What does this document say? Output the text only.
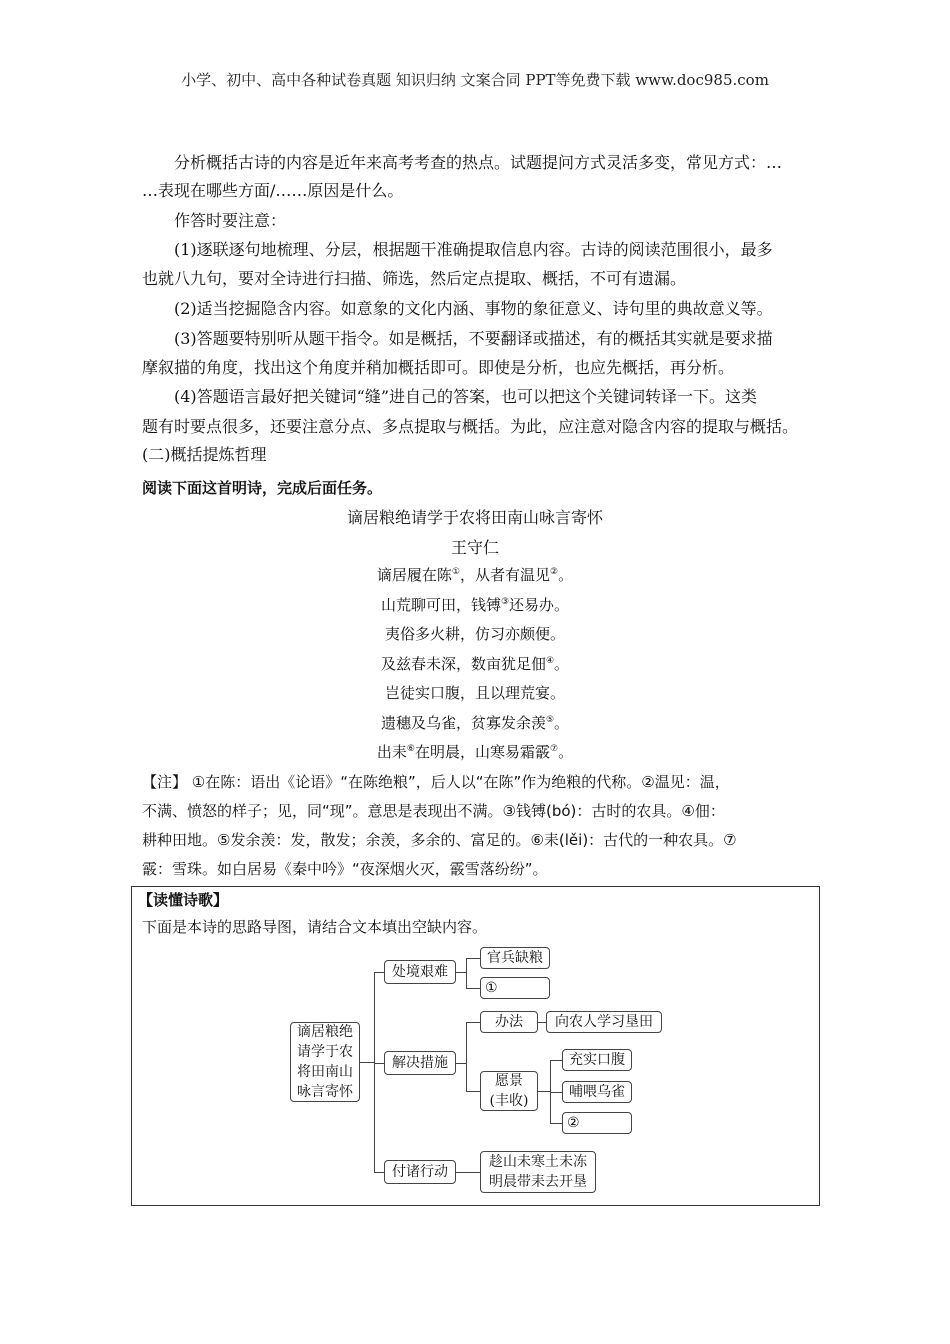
小学、初中、高中各种试卷真题 知识归纳 文案合同 PPT等免费下载 www.doc985.com
分析概括古诗的内容是近年来高考考查的热点。试题提问方式灵活多变，常见方式：…
…表现在哪些方面/……原因是什么。
作答时要注意：
(1)逐联逐句地梳理、分层，根据题干准确提取信息内容。古诗的阅读范围很小，最多
也就八九句，要对全诗进行扫描、筛选，然后定点提取、概括，不可有遗漏。
(2)适当挖掘隐含内容。如意象的文化内涵、事物的象征意义、诗句里的典故意义等。
(3)答题要特别听从题干指令。如是概括，不要翻译或描述，有的概括其实就是要求描
摩叙描的角度，找出这个角度并稍加概括即可。即使是分析，也应先概括，再分析。
(4)答题语言最好把关键词“缝”进自己的答案，也可以把这个关键词转译一下。这类
题有时要点很多，还要注意分点、多点提取与概括。为此，应注意对隐含内容的提取与概括。
(二)概括提炼哲理
阅读下面这首明诗，完成后面任务。
谪居粮绝请学于农将田南山咏言寄怀
王守仁
谪居履在陈①，从者有温见②。
山荒聊可田，钱镈③还易办。
夷俗多火耕，仿习亦颇便。
及兹春未深，数亩犹足佃④。
岂徒实口腹，且以理荒宴。
遗穗及乌雀，贫寡发余羡⑤。
出耒⑥在明晨，山寒易霜霰⑦。
【注】 ①在陈：语出《论语》“在陈绝粮”，后人以“在陈”作为绝粮的代称。②温见：温，
不满、愤怒的样子；见，同“现”。意思是表现出不满。③钱镈(bó)：古时的农具。④佃：
耕种田地。⑤发余羡：发，散发；余羡，多余的、富足的。⑥耒(lěi)：古代的一种农具。⑦
霰：雪珠。如白居易《秦中吟》“夜深烟火灭，霰雪落纷纷”。
【读懂诗歌】
下面是本诗的思路导图，请结合文本填出空缺内容。
谪居粮绝请学于农将田南山咏言寄怀
处境艰难
官兵缺粮
①
解决措施
办法	向农人学习垦田
愿景
(丰收)
充实口腹
哺喂乌雀
②
付诸行动
趁山未寒土未冻
明晨带耒去开垦
